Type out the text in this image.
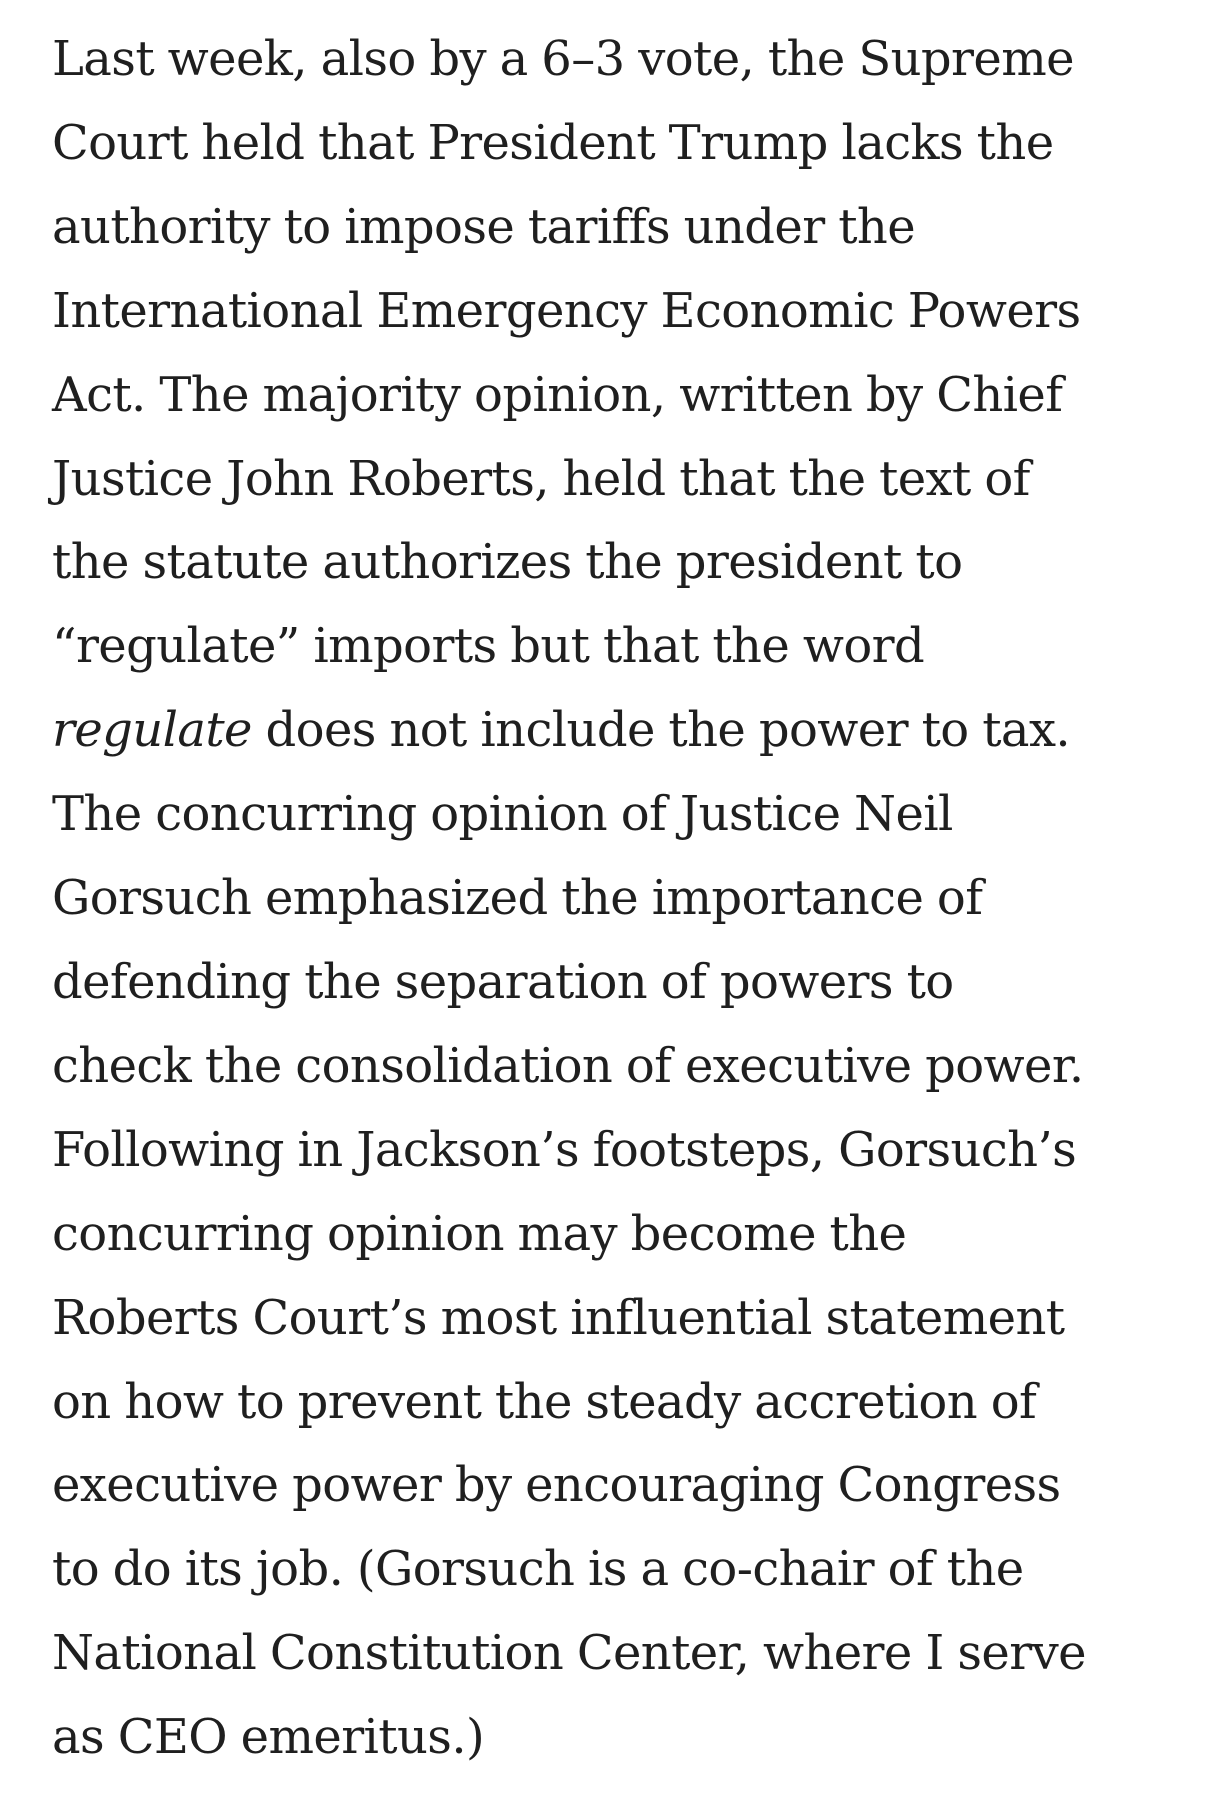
Last week, also by a 6–3 vote, the Supreme
Court held that President Trump lacks the
authority to impose tariffs under the
International Emergency Economic Powers
Act. The majority opinion, written by Chief
Justice John Roberts, held that the text of
the statute authorizes the president to
“regulate” imports but that the word
regulate does not include the power to tax.
The concurring opinion of Justice Neil
Gorsuch emphasized the importance of
defending the separation of powers to
check the consolidation of executive power.
Following in Jackson’s footsteps, Gorsuch’s
concurring opinion may become the
Roberts Court’s most influential statement
on how to prevent the steady accretion of
executive power by encouraging Congress
to do its job. (Gorsuch is a co-chair of the
National Constitution Center, where I serve
as CEO emeritus.)
